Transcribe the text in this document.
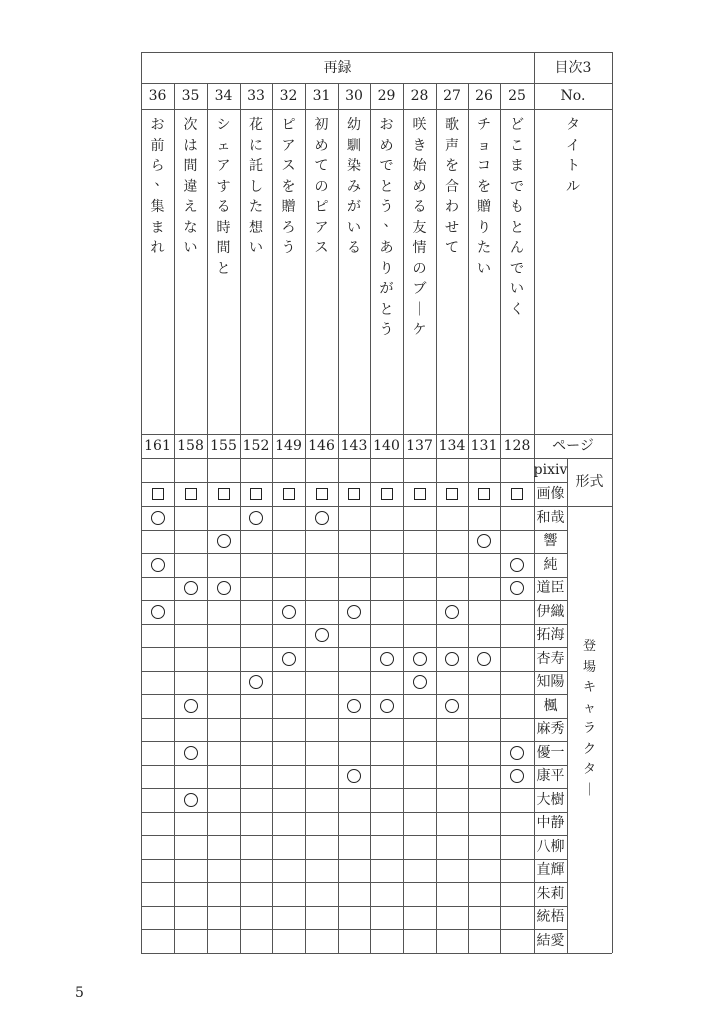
再録	目次3
No.
タ
イ
ト
ル
ページ
pixiv
画像
形式
登
場
キ
ャ
ラ
ク
タ
｜
36
お
前
ら
、
集
ま
れ
161
35
次
は
間
違
え
な
い
158
34
シ
ェ
ア
す
る
時
間
と
155
33
花
に
託
し
た
想
い
152
32
ピ
ア
ス
を
贈
ろ
う
149
31
初
め
て
の
ピ
ア
ス
146
30
幼
馴
染
み
が
い
る
143
29
お
め
で
と
う
、
あ
り
が
と
う
140
28
咲
き
始
め
る
友
情
の
ブ
｜
ケ
137
27
歌
声
を
合
わ
せ
て
134
26
チ
ョ
コ
を
贈
り
た
い
131
25
ど
こ
ま
で
も
と
ん
で
い
く
128
和哉
響
純
道臣
伊織
拓海
杏寿
知陽
楓
麻秀
優一
康平
大樹
中静
八柳
直輝
朱莉
統梧
結愛
5
